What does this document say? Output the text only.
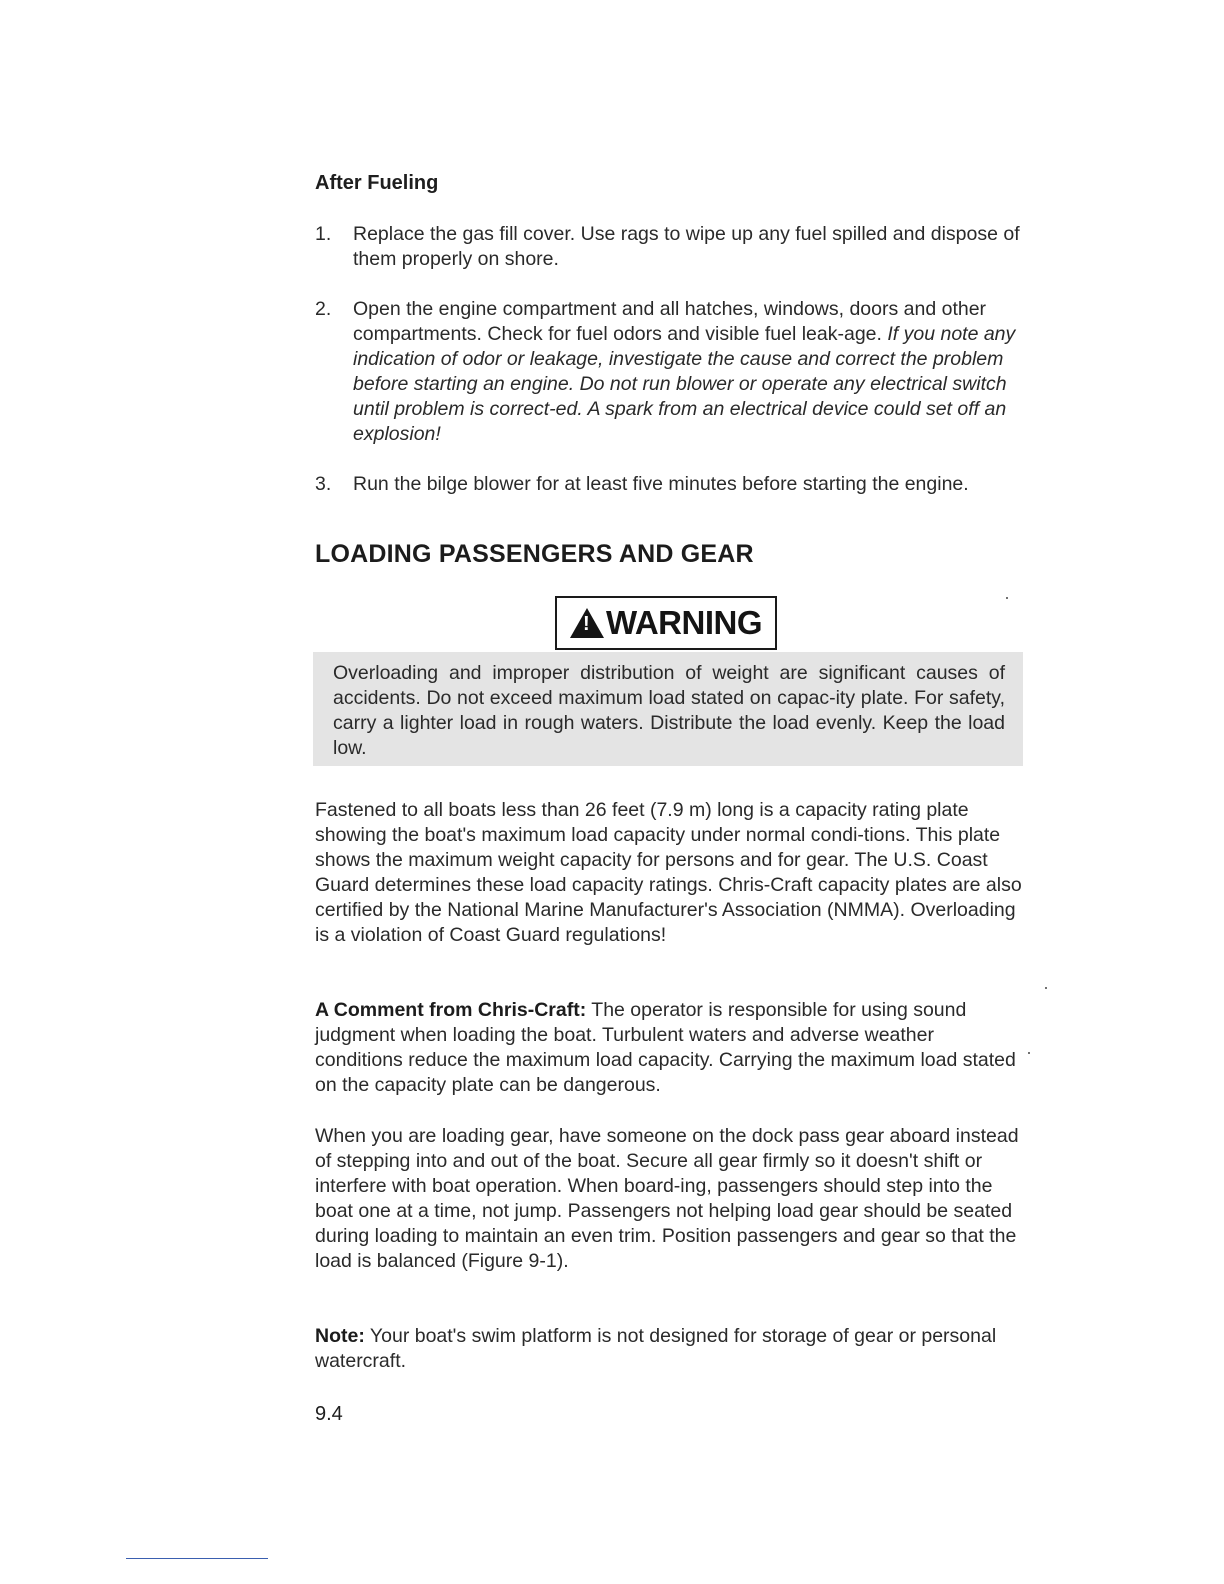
After Fueling
1. Replace the gas fill cover. Use rags to wipe up any fuel spilled and dispose of them properly on shore.
2. Open the engine compartment and all hatches, windows, doors and other compartments. Check for fuel odors and visible fuel leak-age. If you note any indication of odor or leakage, investigate the cause and correct the problem before starting an engine. Do not run blower or operate any electrical switch until problem is correct-ed. A spark from an electrical device could set off an explosion!
3. Run the bilge blower for at least five minutes before starting the engine.
LOADING PASSENGERS AND GEAR
!
WARNING

Overloading and improper distribution of weight are significant causes of accidents. Do not exceed maximum load stated on capac-ity plate. For safety, carry a lighter load in rough waters. Distribute the load evenly. Keep the load low.

Fastened to all boats less than 26 feet (7.9 m) long is a capacity rating plate showing the boat's maximum load capacity under normal condi-tions. This plate shows the maximum weight capacity for persons and for gear. The U.S. Coast Guard determines these load capacity ratings. Chris-Craft capacity plates are also certified by the National Marine Manufacturer's Association (NMMA). Overloading is a violation of Coast Guard regulations!

A Comment from Chris-Craft: The operator is responsible for using sound judgment when loading the boat. Turbulent waters and adverse weather conditions reduce the maximum load capacity. Carrying the maximum load stated on the capacity plate can be dangerous.

When you are loading gear, have someone on the dock pass gear aboard instead of stepping into and out of the boat. Secure all gear firmly so it doesn't shift or interfere with boat operation. When board-ing, passengers should step into the boat one at a time, not jump. Passengers not helping load gear should be seated during loading to maintain an even trim. Position passengers and gear so that the load is balanced (Figure 9-1).

Note: Your boat's swim platform is not designed for storage of gear or personal watercraft.

9.4
